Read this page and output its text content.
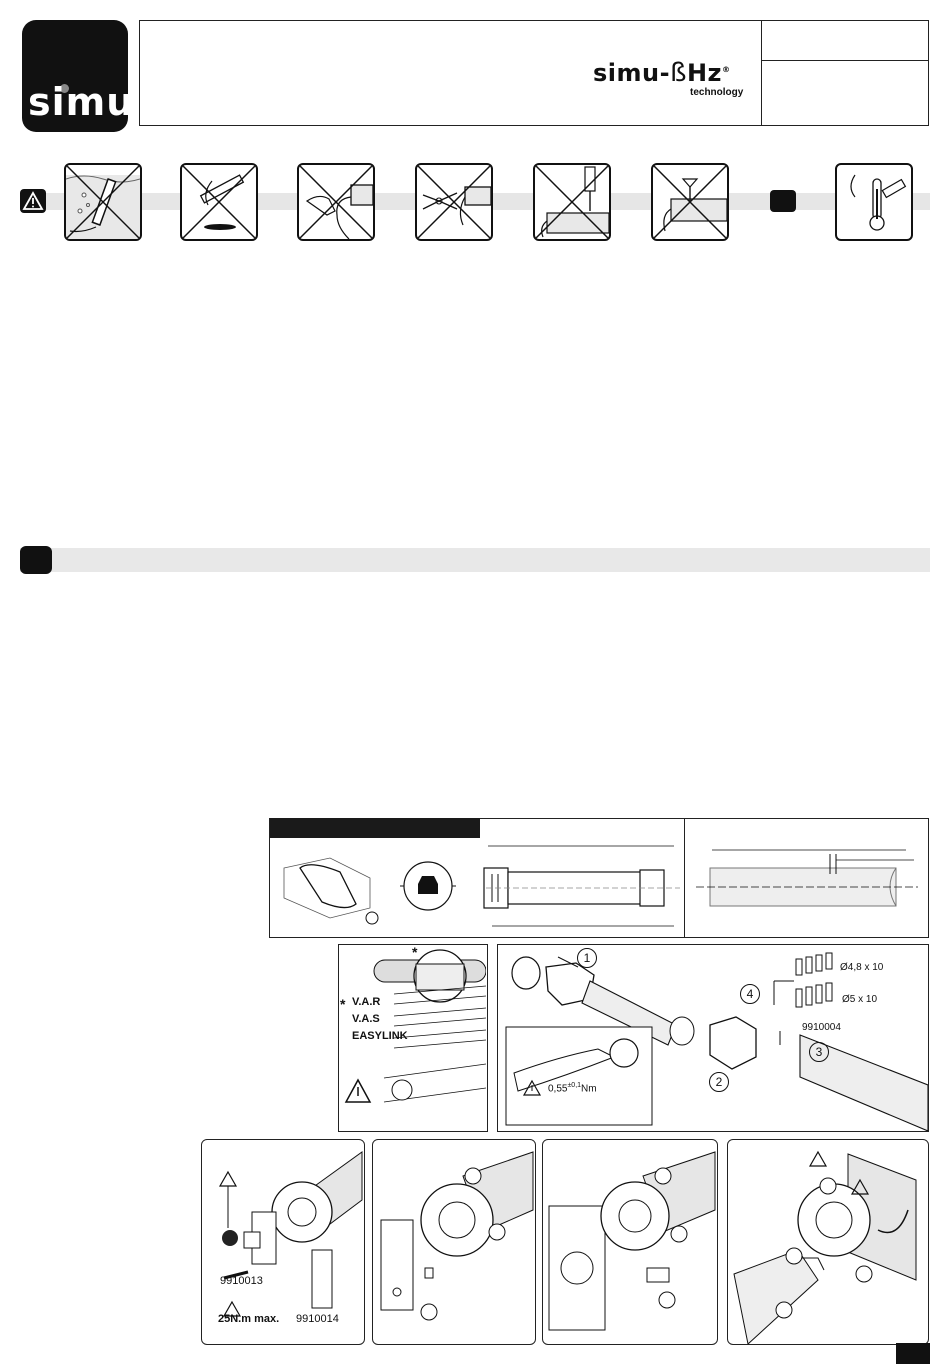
simu
simu-ßHz®
technology
*
* V.A.R
V.A.S
EASYLINK
1
2
3
4
Ø4,8 x 10
Ø5 x 10
9910004
$0,55^{\pm 0,1}Nm$
9910013
9910014
25N.m max.
